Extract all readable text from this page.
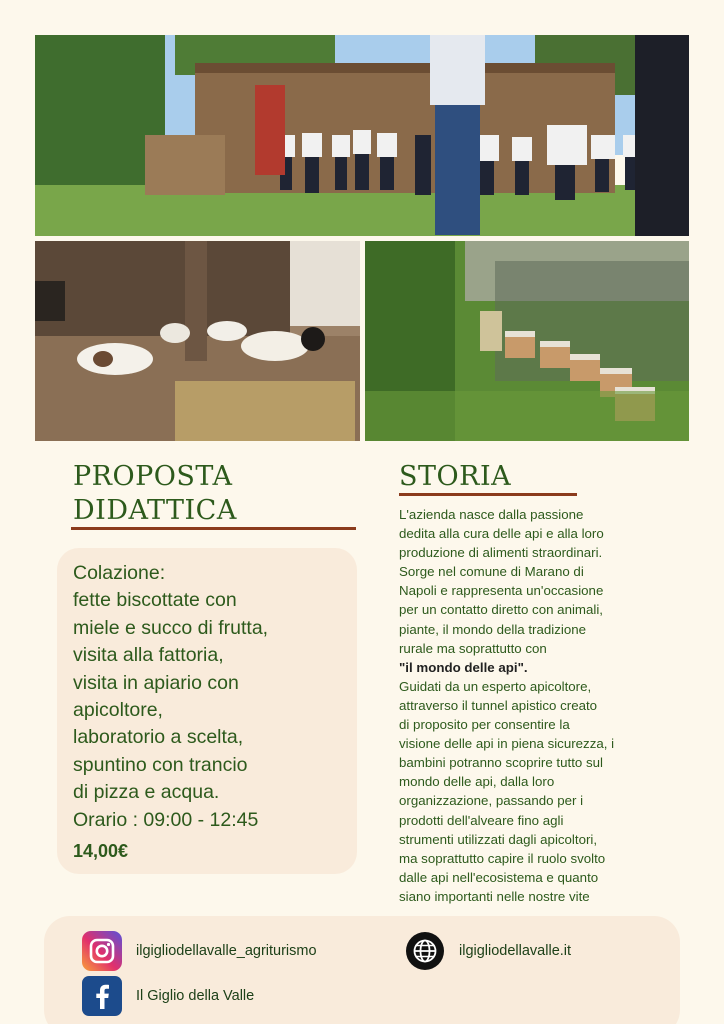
PROPOSTA
DIDATTICA
Colazione:
fette biscottate con
miele e succo di frutta,
visita alla fattoria,
visita in apiario con
apicoltore,
laboratorio a scelta,
spuntino con trancio
di pizza e acqua.
Orario : 09:00 - 12:45
14,00€
STORIA
L'azienda nasce dalla passione
dedita alla cura delle api e alla loro
produzione di alimenti straordinari.
Sorge nel comune di Marano di
Napoli e rappresenta un'occasione
per un contatto diretto con animali,
piante, il mondo della tradizione
rurale ma soprattutto con
"il mondo delle api".
Guidati da un esperto apicoltore,
attraverso il tunnel apistico creato
di proposito per consentire la
visione delle api in piena sicurezza, i
bambini potranno scoprire tutto sul
mondo delle api, dalla loro
organizzazione, passando per i
prodotti dell'alveare fino agli
strumenti utilizzati dagli apicoltori,
ma soprattutto capire il ruolo svolto
dalle api nell'ecosistema e quanto
siano importanti nelle nostre vite
ilgigliodellavalle_agriturismo	ilgigliodellavalle.it
Il Giglio della Valle
